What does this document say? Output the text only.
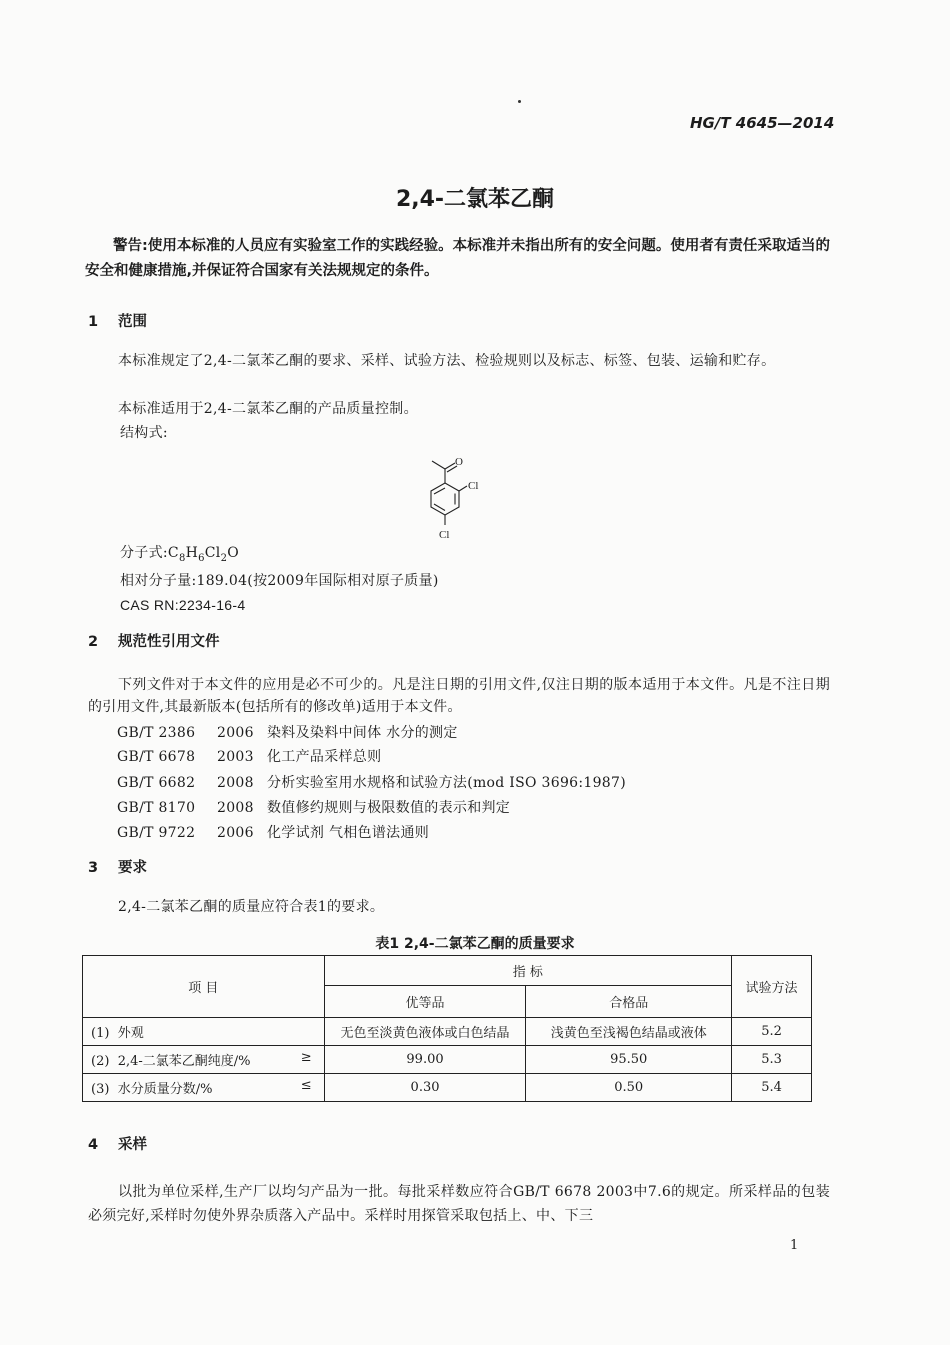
HG/T 4645—2014
2,4-二氯苯乙酮
警告:使用本标准的人员应有实验室工作的实践经验。本标准并未指出所有的安全问题。使用者有责任采取适当的安全和健康措施,并保证符合国家有关法规规定的条件。
1 范围
本标准规定了2,4-二氯苯乙酮的要求、采样、试验方法、检验规则以及标志、标签、包装、运输和贮存。
本标准适用于2,4-二氯苯乙酮的产品质量控制。
结构式:
O
Cl
Cl
分子式$:C_8H_6Cl_2O$
相对分子量:189.04(按2009年国际相对原子质量)
CAS RN:2234-16-4
2 规范性引用文件
下列文件对于本文件的应用是必不可少的。凡是注日期的引用文件,仅注日期的版本适用于本文件。凡是不注日期的引用文件,其最新版本(包括所有的修改单)适用于本文件。
GB/T 2386 2006 染料及染料中间体 水分的测定
GB/T 6678 2003 化工产品采样总则
GB/T 6682 2008 分析实验室用水规格和试验方法(mod ISO 3696:1987)
GB/T 8170 2008 数值修约规则与极限数值的表示和判定
GB/T 9722 2006 化学试剂 气相色谱法通则
3 要求
2,4-二氯苯乙酮的质量应符合表1的要求。
表1 2,4-二氯苯乙酮的质量要求
项 目	指 标		试验方法
	优等品	合格品	
(1) 外观	无色至淡黄色液体或白色结晶	浅黄色至浅褐色结晶或液体	5.2
(2) 2,4-二氯苯乙酮纯度/% ≥	99.00	95.50	5.3
(3) 水分质量分数/% ≤	0.30	0.50	5.4
4 采样
以批为单位采样,生产厂以均匀产品为一批。每批采样数应符合GB/T 6678 2003中7.6的规定。所采样品的包装必须完好,采样时勿使外界杂质落入产品中。采样时用探管采取包括上、中、下三
1
